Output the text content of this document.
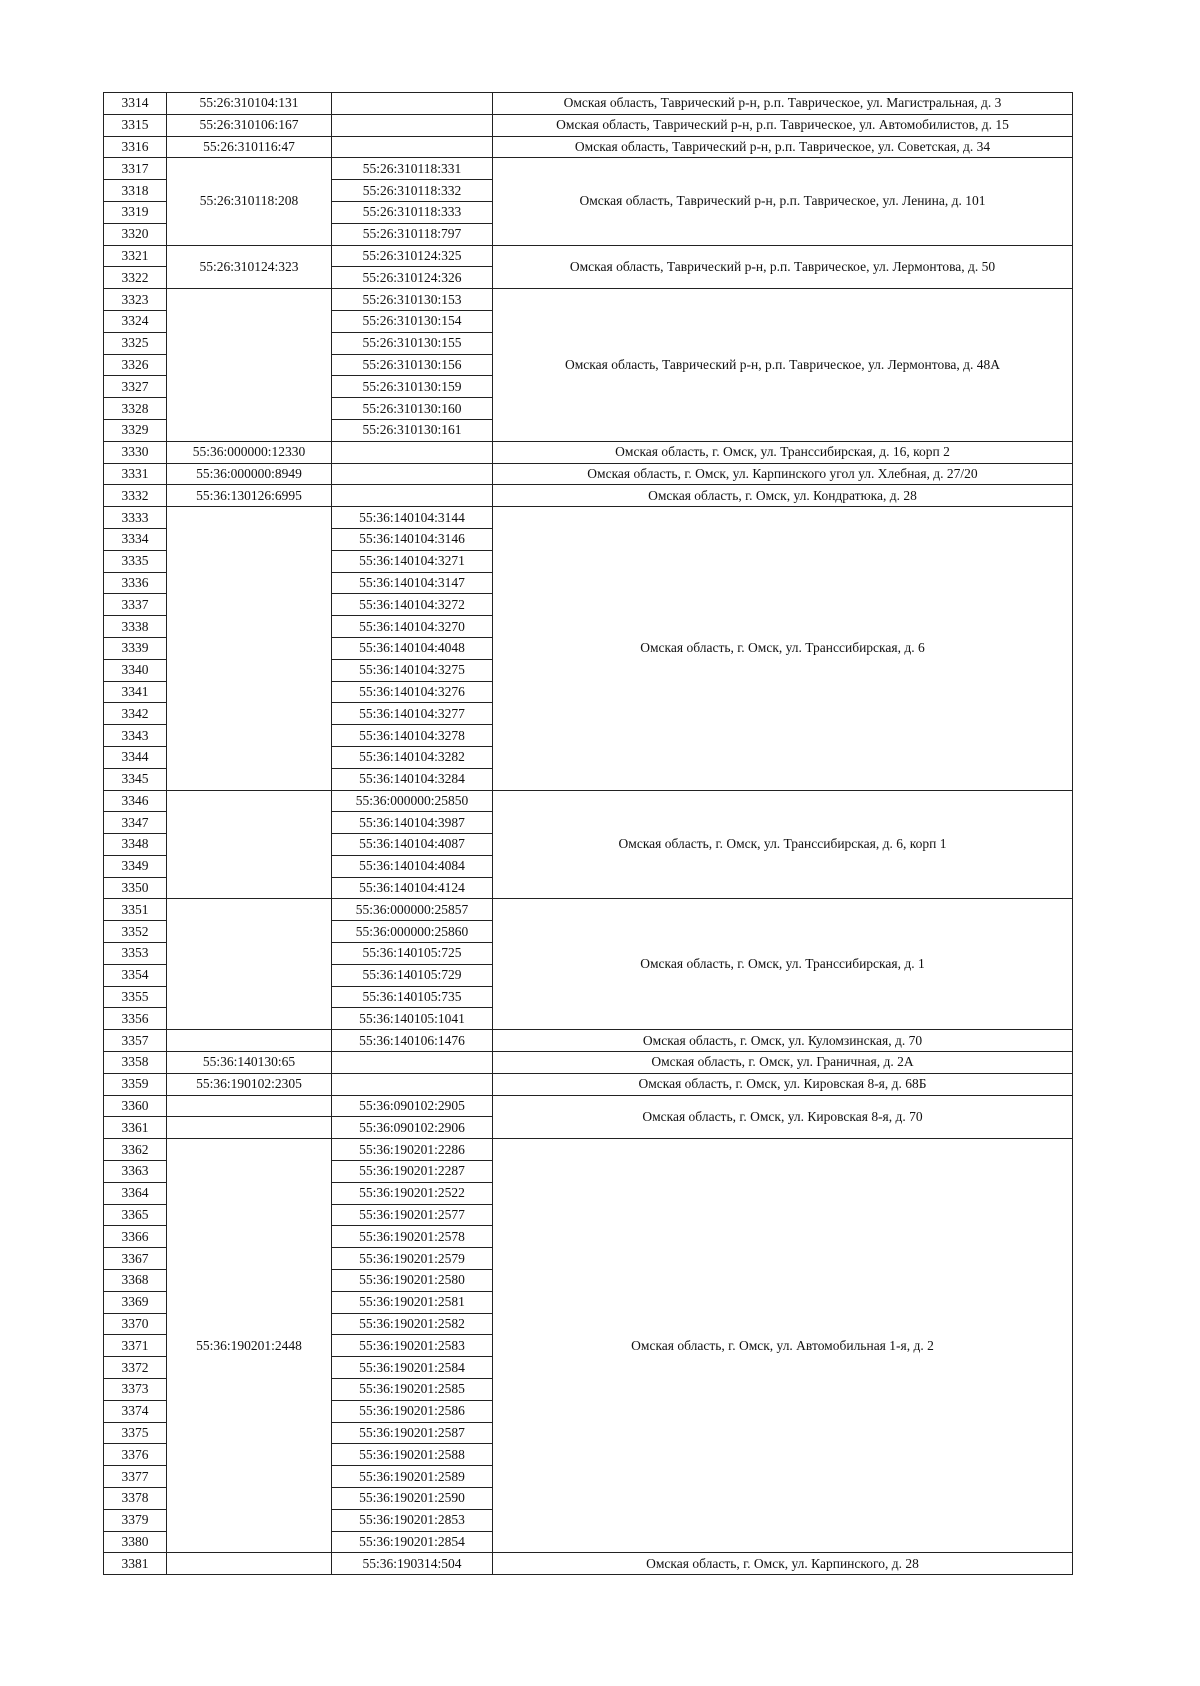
3314	55:26:310104:131		Омская область, Таврический р-н, р.п. Таврическое, ул. Магистральная, д. 3
3315	55:26:310106:167		Омская область, Таврический р-н, р.п. Таврическое, ул. Автомобилистов, д. 15
3316	55:26:310116:47		Омская область, Таврический р-н, р.п. Таврическое, ул. Советская, д. 34
3317	55:26:310118:208	55:26:310118:331	Омская область, Таврический р-н, р.п. Таврическое, ул. Ленина, д. 101
3318		55:26:310118:332	
3319		55:26:310118:333	
3320		55:26:310118:797	
3321	55:26:310124:323	55:26:310124:325	Омская область, Таврический р-н, р.п. Таврическое, ул. Лермонтова, д. 50
3322		55:26:310124:326	
3323		55:26:310130:153	Омская область, Таврический р-н, р.п. Таврическое, ул. Лермонтова, д. 48А
3324		55:26:310130:154	
3325		55:26:310130:155	
3326		55:26:310130:156	
3327		55:26:310130:159	
3328		55:26:310130:160	
3329		55:26:310130:161	
3330	55:36:000000:12330		Омская область, г. Омск, ул. Транссибирская, д. 16, корп 2
3331	55:36:000000:8949		Омская область, г. Омск, ул. Карпинского угол ул. Хлебная, д. 27/20
3332	55:36:130126:6995		Омская область, г. Омск, ул. Кондратюка, д. 28
3333		55:36:140104:3144	Омская область, г. Омск, ул. Транссибирская, д. 6
3334		55:36:140104:3146	
3335		55:36:140104:3271	
3336		55:36:140104:3147	
3337		55:36:140104:3272	
3338		55:36:140104:3270	
3339		55:36:140104:4048	
3340		55:36:140104:3275	
3341		55:36:140104:3276	
3342		55:36:140104:3277	
3343		55:36:140104:3278	
3344		55:36:140104:3282	
3345		55:36:140104:3284	
3346		55:36:000000:25850	Омская область, г. Омск, ул. Транссибирская, д. 6, корп 1
3347		55:36:140104:3987	
3348		55:36:140104:4087	
3349		55:36:140104:4084	
3350		55:36:140104:4124	
3351		55:36:000000:25857	Омская область, г. Омск, ул. Транссибирская, д. 1
3352		55:36:000000:25860	
3353		55:36:140105:725	
3354		55:36:140105:729	
3355		55:36:140105:735	
3356		55:36:140105:1041	
3357		55:36:140106:1476	Омская область, г. Омск, ул. Куломзинская, д. 70
3358	55:36:140130:65		Омская область, г. Омск, ул. Граничная, д. 2А
3359	55:36:190102:2305		Омская область, г. Омск, ул. Кировская 8-я, д. 68Б
3360		55:36:090102:2905	Омская область, г. Омск, ул. Кировская 8-я, д. 70
3361		55:36:090102:2906	
3362	55:36:190201:2448	55:36:190201:2286	Омская область, г. Омск, ул. Автомобильная 1-я, д. 2
3363		55:36:190201:2287	
3364		55:36:190201:2522	
3365		55:36:190201:2577	
3366		55:36:190201:2578	
3367		55:36:190201:2579	
3368		55:36:190201:2580	
3369		55:36:190201:2581	
3370		55:36:190201:2582	
3371		55:36:190201:2583	
3372		55:36:190201:2584	
3373		55:36:190201:2585	
3374		55:36:190201:2586	
3375		55:36:190201:2587	
3376		55:36:190201:2588	
3377		55:36:190201:2589	
3378		55:36:190201:2590	
3379		55:36:190201:2853	
3380		55:36:190201:2854	
3381		55:36:190314:504	Омская область, г. Омск, ул. Карпинского, д. 28
